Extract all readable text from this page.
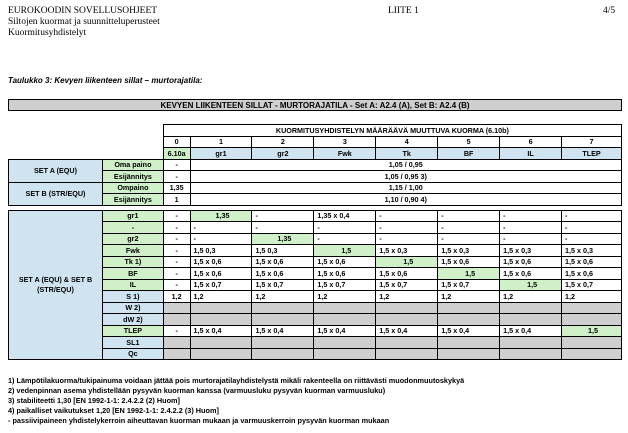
EUROKOODIN SOVELLUSOHJEET
Siltojen kuormat ja suunnitteluperusteet
Kuormitusyhdistelyt
LIITE 1	4/5
Taulukko 3: Kevyen liikenteen sillat – murtorajatila:
KEVYEN LIIKENTEEN SILLAT - MURTORAJATILA - Set A: A2.4 (A), Set B: A2.4 (B)
		KUORMITUSYHDISTELYN MÄÄRÄÄVÄ MUUTTUVA KUORMA (6.10b)							
		0	1	2	3	4	5	6	7
		6.10a	gr1	gr2	Fwk	Tk	BF	IL	TLEP
SET A (EQU)	Oma paino	-	1,05 / 0,95						
	Esijännitys	-	1,05 / 0,95 3)						
SET B (STR/EQU)	Ompaino	1,35	1,15 / 1,00						
	Esijännitys	1	1,10 / 0,90 4)						

SET A (EQU) & SET B (STR/EQU)	gr1	-	1,35	-	1,35 x 0,4	-	-	-	-
	-	-	-	-	-	-	-	-	-
	gr2	-	-	1,35	-	-	-	-	-
	Fwk	-	1,5 0,3	1,5 0,3	1,5	1,5 x 0,3	1,5 x 0,3	1,5 x 0,3	1,5 x 0,3
	Tk 1)	-	1,5 x 0,6	1,5 x 0,6	1,5 x 0,6	1,5	1,5 x 0,6	1,5 x 0,6	1,5 x 0,6
	BF	-	1,5 x 0,6	1,5 x 0,6	1,5 x 0,6	1,5 x 0,6	1,5	1,5 x 0,6	1,5 x 0,6
	IL	-	1,5 x 0,7	1,5 x 0,7	1,5 x 0,7	1,5 x 0,7	1,5 x 0,7	1,5	1,5 x 0,7
	S 1)	1,2	1,2	1,2	1,2	1,2	1,2	1,2	1,2
	W 2)								
	dW 2)								
	TLEP	-	1,5 x 0,4	1,5 x 0,4	1,5 x 0,4	1,5 x 0,4	1,5 x 0,4	1,5 x 0,4	1,5
	SL1								
	Qc								
1) Lämpötilakuorma/tukipainuma voidaan jättää pois murtorajatilayhdistelystä mikäli rakenteella on riittävästi muodonmuutoskykyä
2) vedenpinnan asema yhdistellään pysyvän kuorman kanssa (varmuusluku pysyvän kuorman varmuusluku)
3) stabiliteetti 1,30 [EN 1992-1-1: 2.4.2.2 (2) Huom]
4) paikalliset vaikutukset 1,20 [EN 1992-1-1: 2.4.2.2 (3) Huom]
- passiivipaineen yhdistelykerroin aiheuttavan kuorman mukaan ja varmuuskerroin pysyvän kuorman mukaan
